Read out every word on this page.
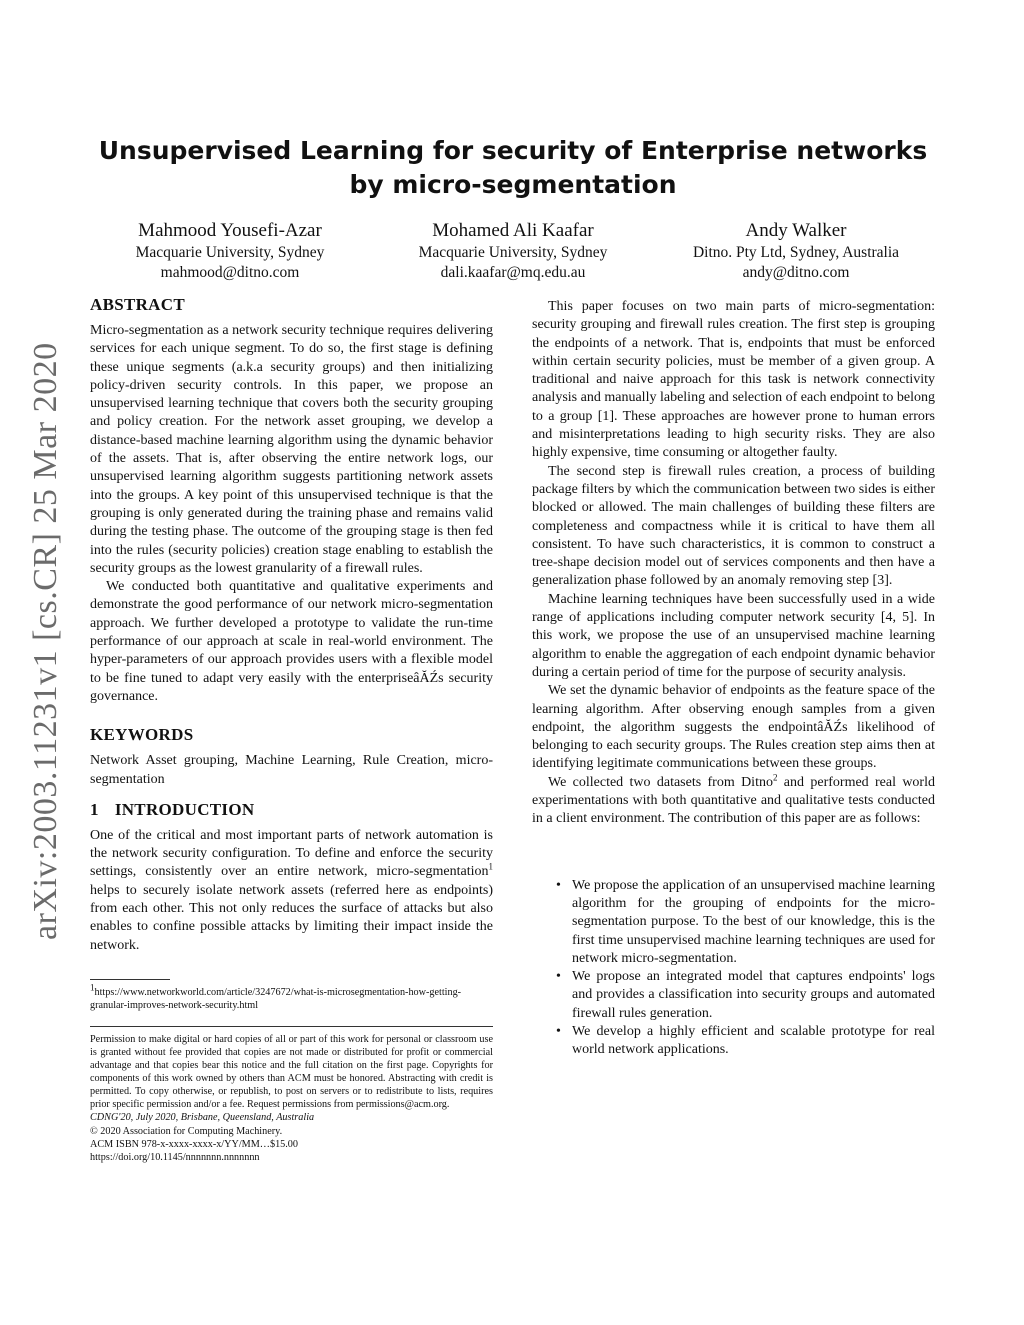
arXiv:2003.11231v1 [cs.CR] 25 Mar 2020
Unsupervised Learning for security of Enterprise networks by micro-segmentation
Mahmood Yousefi-Azar
Macquarie University, Sydney
mahmood@ditno.com
Mohamed Ali Kaafar
Macquarie University, Sydney
dali.kaafar@mq.edu.au
Andy Walker
Ditno. Pty Ltd, Sydney, Australia
andy@ditno.com
ABSTRACT

Micro-segmentation as a network security technique requires delivering services for each unique segment. To do so, the first stage is defining these unique segments (a.k.a security groups) and then initializing policy-driven security controls. In this paper, we propose an unsupervised learning technique that covers both the security grouping and policy creation. For the network asset grouping, we develop a distance-based machine learning algorithm using the dynamic behavior of the assets. That is, after observing the entire network logs, our unsupervised learning algorithm suggests partitioning network assets into the groups. A key point of this unsupervised technique is that the grouping is only generated during the training phase and remains valid during the testing phase. The outcome of the grouping stage is then fed into the rules (security policies) creation stage enabling to establish the security groups as the lowest granularity of a firewall rules.

We conducted both quantitative and qualitative experiments and demonstrate the good performance of our network micro-segmentation approach. We further developed a prototype to validate the run-time performance of our approach at scale in real-world environment. The hyper-parameters of our approach provides users with a flexible model to be fine tuned to adapt very easily with the enterpriseâĂŹs security governance.

KEYWORDS

Network Asset grouping, Machine Learning, Rule Creation, micro-segmentation

1 INTRODUCTION

One of the critical and most important parts of network automation is the network security configuration. To define and enforce the security settings, consistently over an entire network, micro-segmentation$^1$ helps to securely isolate network assets (referred here as endpoints) from each other. This not only reduces the surface of attacks but also enables to confine possible attacks by limiting their impact inside the network.

$^1$https://www.networkworld.com/article/3247672/what-is-microsegmentation-how-getting-granular-improves-network-security.html
Permission to make digital or hard copies of all or part of this work for personal or classroom use is granted without fee provided that copies are not made or distributed for profit or commercial advantage and that copies bear this notice and the full citation on the first page. Copyrights for components of this work owned by others than ACM must be honored. Abstracting with credit is permitted. To copy otherwise, or republish, to post on servers or to redistribute to lists, requires prior specific permission and/or a fee. Request permissions from permissions@acm.org.
CDNG'20, July 2020, Brisbane, Queensland, Australia
© 2020 Association for Computing Machinery.
ACM ISBN 978-x-xxxx-xxxx-x/YY/MM…$15.00
https://doi.org/10.1145/nnnnnnn.nnnnnnn

This paper focuses on two main parts of micro-segmentation: security grouping and firewall rules creation. The first step is grouping the endpoints of a network. That is, endpoints that must be enforced within certain security policies, must be member of a given group. A traditional and naive approach for this task is network connectivity analysis and manually labeling and selection of each endpoint to belong to a group [1]. These approaches are however prone to human errors and misinterpretations leading to high security risks. They are also highly expensive, time consuming or altogether faulty.

The second step is firewall rules creation, a process of building package filters by which the communication between two sides is either blocked or allowed. The main challenges of building these filters are completeness and compactness while it is critical to have them all consistent. To have such characteristics, it is common to construct a tree-shape decision model out of services components and then have a generalization phase followed by an anomaly removing step [3].

Machine learning techniques have been successfully used in a wide range of applications including computer network security [4, 5]. In this work, we propose the use of an unsupervised machine learning algorithm to enable the aggregation of each endpoint dynamic behavior during a certain period of time for the purpose of security analysis.

We set the dynamic behavior of endpoints as the feature space of the learning algorithm. After observing enough samples from a given endpoint, the algorithm suggests the endpointâĂŹs likelihood of belonging to each security groups. The Rules creation step aims then at identifying legitimate communications between these groups.

We collected two datasets from Ditno$^2$ and performed real world experimentations with both quantitative and qualitative tests conducted in a client environment. The contribution of this paper are as follows:

• We propose the application of an unsupervised machine learning algorithm for the grouping of endpoints for the micro-segmentation purpose. To the best of our knowledge, this is the first time unsupervised machine learning techniques are used for network micro-segmentation.
• We propose an integrated model that captures endpoints' logs and provides a classification into security groups and automated firewall rules generation.
• We develop a highly efficient and scalable prototype for real world network applications.
